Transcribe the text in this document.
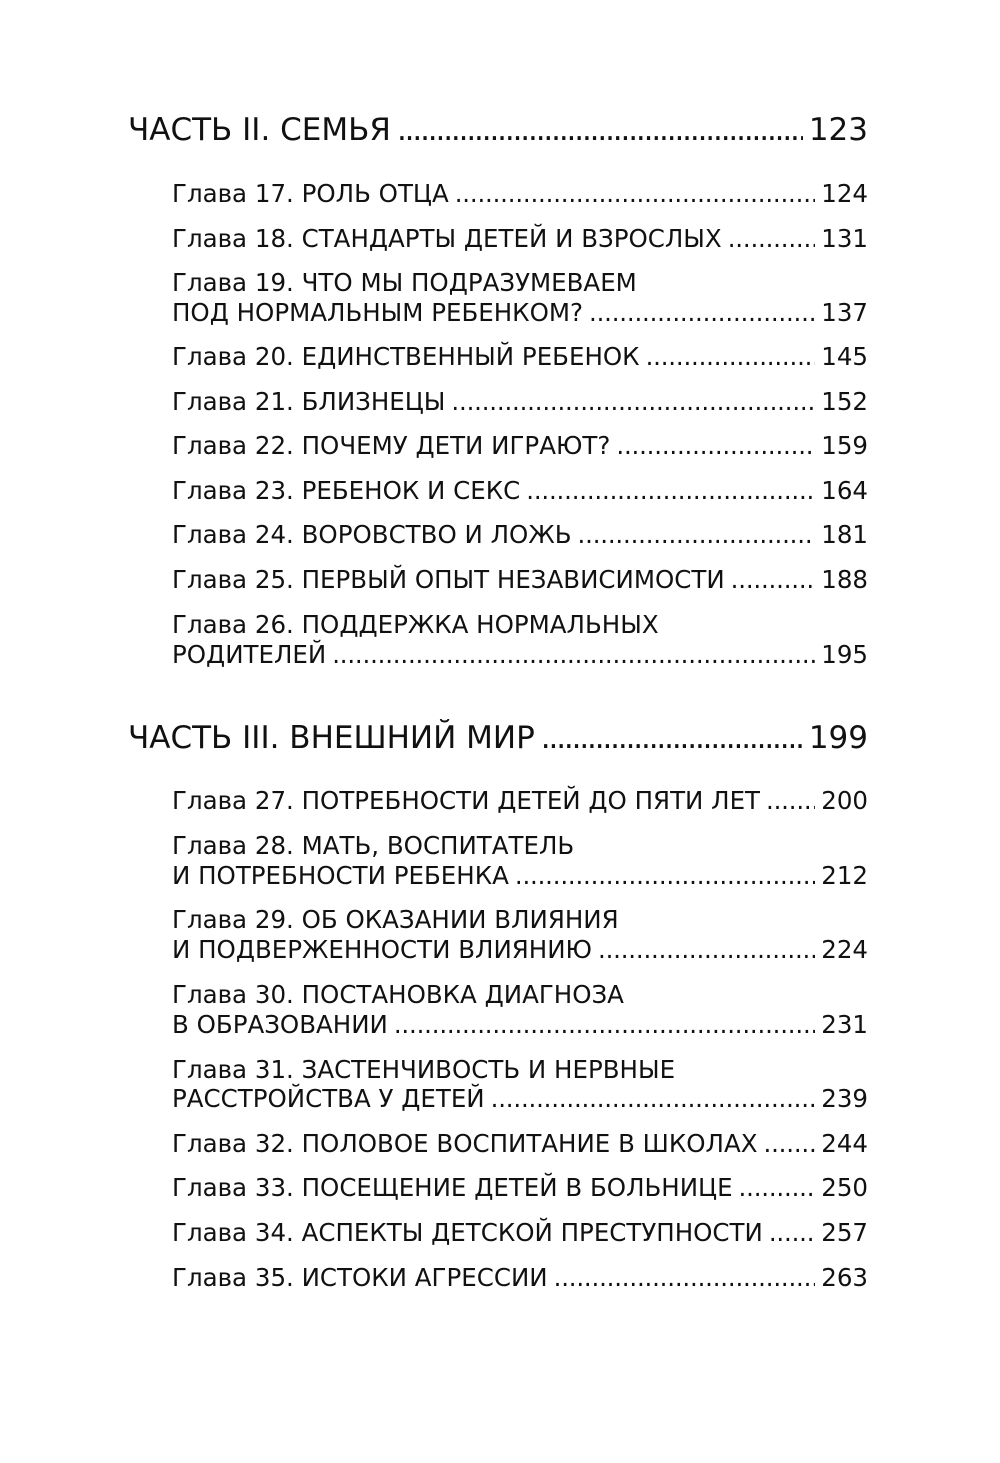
ЧАСТЬ II. СЕМЬЯ . . .	123
Глава 17. РОЛЬ ОТЦА . . .	124
Глава 18. СТАНДАРТЫ ДЕТЕЙ И ВЗРОСЛЫХ . . .	131
Глава 19. ЧТО МЫ ПОДРАЗУМЕВАЕМ
ПОД НОРМАЛЬНЫМ РЕБЕНКОМ? . . .	137
Глава 20. ЕДИНСТВЕННЫЙ РЕБЕНОК . . .	145
Глава 21. БЛИЗНЕЦЫ . . .	152
Глава 22. ПОЧЕМУ ДЕТИ ИГРАЮТ? . . .	159
Глава 23. РЕБЕНОК И СЕКС . . .	164
Глава 24. ВОРОВСТВО И ЛОЖЬ . . .	181
Глава 25. ПЕРВЫЙ ОПЫТ НЕЗАВИСИМОСТИ . . .	188
Глава 26. ПОДДЕРЖКА НОРМАЛЬНЫХ
РОДИТЕЛЕЙ . . .	195
ЧАСТЬ III. ВНЕШНИЙ МИР . . .	199
Глава 27. ПОТРЕБНОСТИ ДЕТЕЙ ДО ПЯТИ ЛЕТ . . . 200
Глава 28. МАТЬ, ВОСПИТАТЕЛЬ
И ПОТРЕБНОСТИ РЕБЕНКА . . .	212
Глава 29. ОБ ОКАЗАНИИ ВЛИЯНИЯ
И ПОДВЕРЖЕННОСТИ ВЛИЯНИЮ . . .	224
Глава 30. ПОСТАНОВКА ДИАГНОЗА
В ОБРАЗОВАНИИ . . .	231
Глава 31. ЗАСТЕНЧИВОСТЬ И НЕРВНЫЕ
РАССТРОЙСТВА У ДЕТЕЙ . . .	239
Глава 32. ПОЛОВОЕ ВОСПИТАНИЕ В ШКОЛАХ . . .	244
Глава 33. ПОСЕЩЕНИЕ ДЕТЕЙ В БОЛЬНИЦЕ . . .	250
Глава 34. АСПЕКТЫ ДЕТСКОЙ ПРЕСТУПНОСТИ . . . 257
Глава 35. ИСТОКИ АГРЕССИИ . . .	263
